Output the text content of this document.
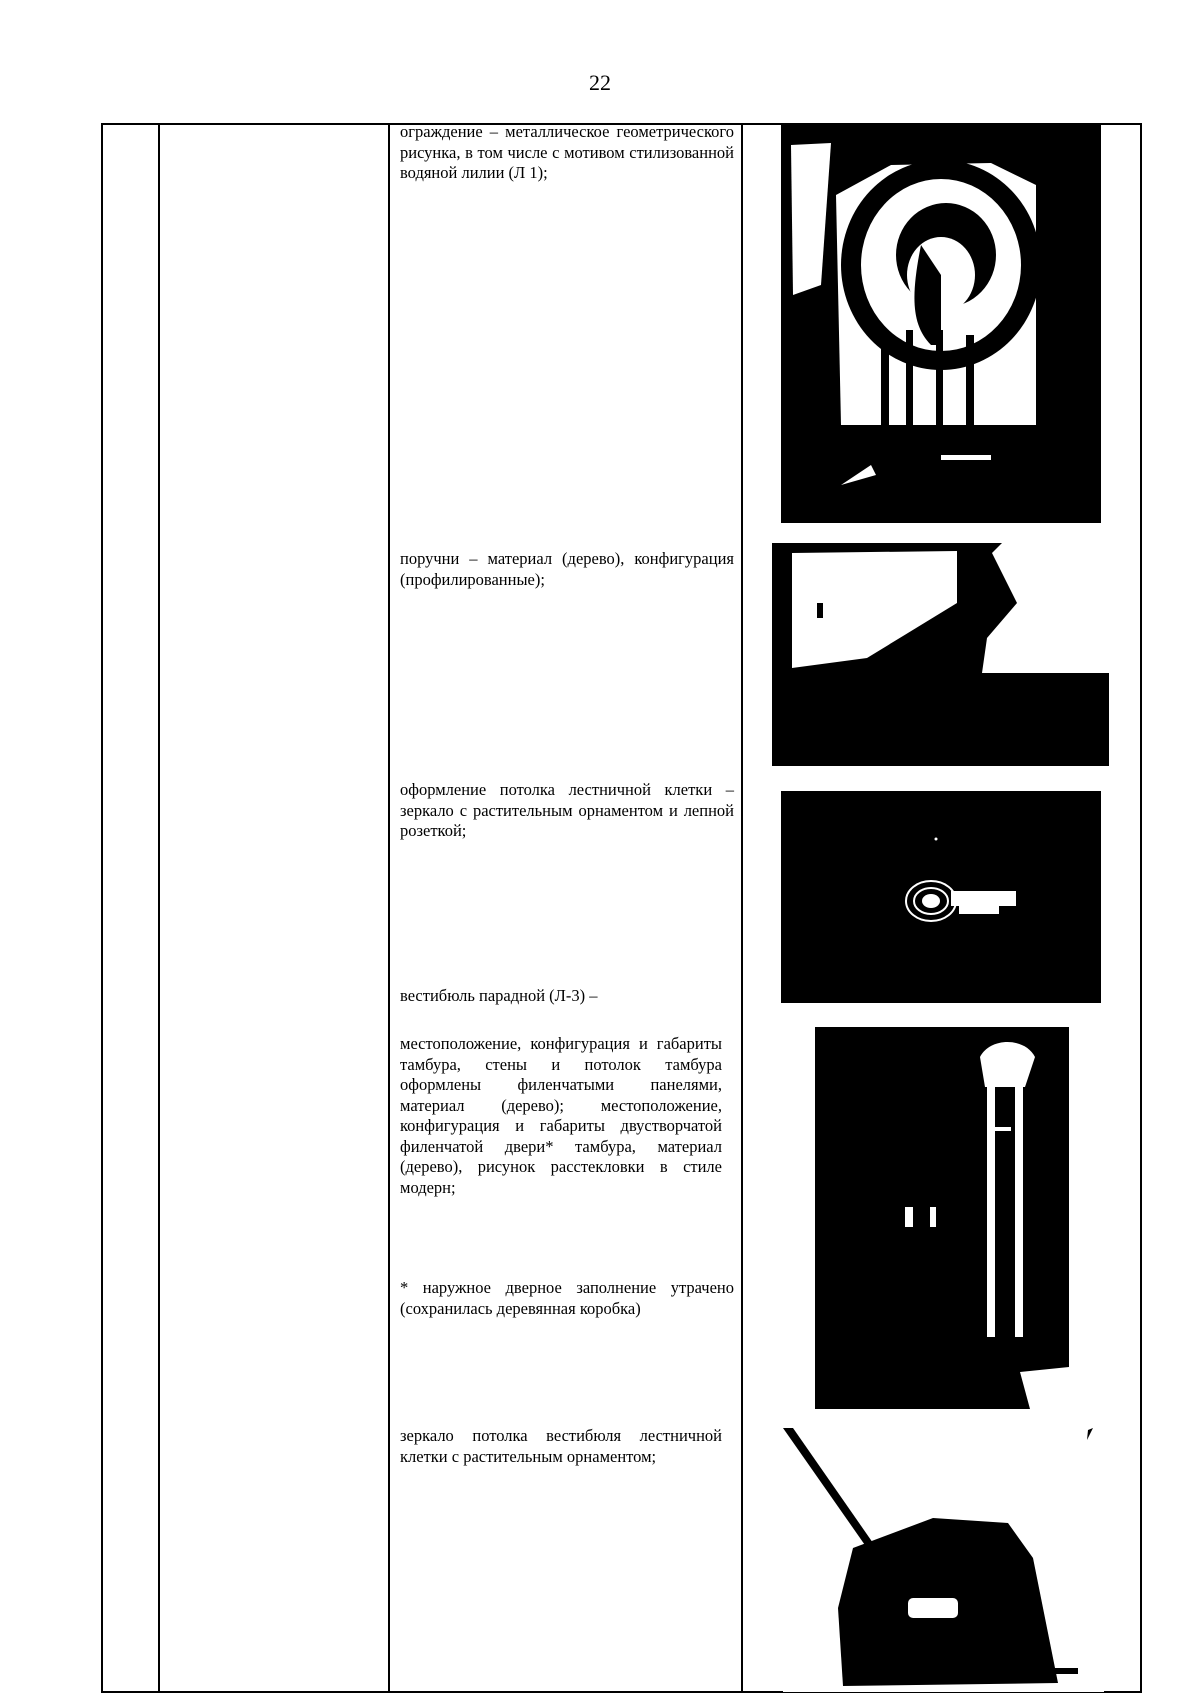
22

ограждение – металлическое геометрического рисунка, в том числе с мотивом стилизованной водяной лилии (Л 1);

поручни – материал (дерево), конфигурация (профилированные);

оформление потолка лестничной клетки – зеркало с растительным орнаментом и лепной розеткой;

вестибюль парадной (Л-3) –

местоположение, конфигурация и габариты тамбура, стены и потолок тамбура оформлены филенчатыми панелями, материал (дерево); местоположение, конфигурация и габариты двустворчатой филенчатой двери* тамбура, материал (дерево), рисунок расстекловки в стиле модерн;

* наружное дверное заполнение утрачено (сохранилась деревянная коробка)

зеркало потолка вестибюля лестничной клетки с растительным орнаментом;
